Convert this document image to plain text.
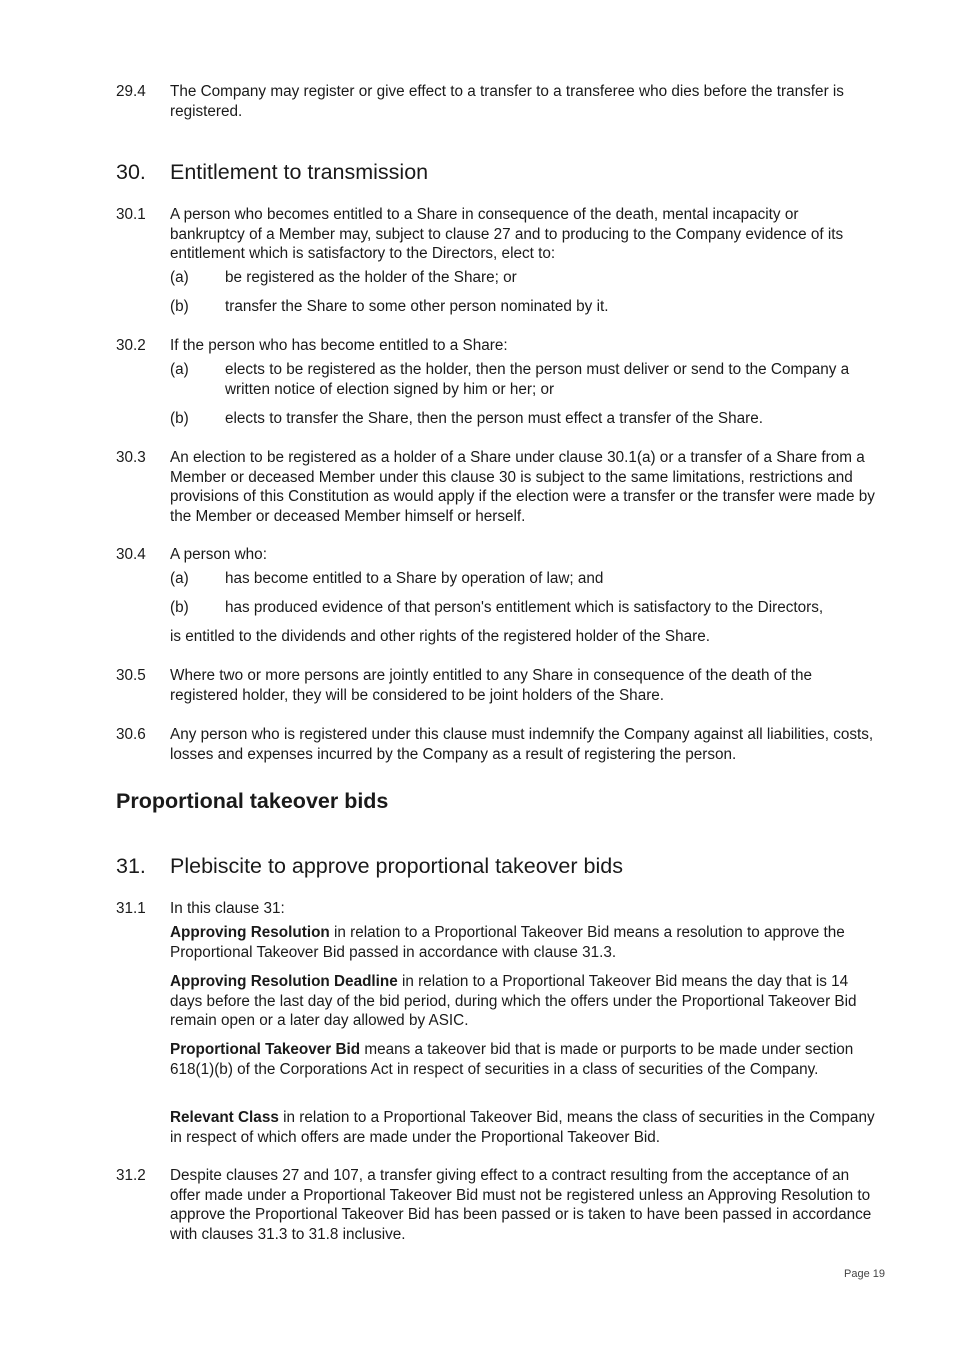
29.4 The Company may register or give effect to a transfer to a transferee who dies before the transfer is registered.
30. Entitlement to transmission
30.1 A person who becomes entitled to a Share in consequence of the death, mental incapacity or bankruptcy of a Member may, subject to clause 27 and to producing to the Company evidence of its entitlement which is satisfactory to the Directors, elect to:
(a) be registered as the holder of the Share; or
(b) transfer the Share to some other person nominated by it.
30.2 If the person who has become entitled to a Share:
(a) elects to be registered as the holder, then the person must deliver or send to the Company a written notice of election signed by him or her; or
(b) elects to transfer the Share, then the person must effect a transfer of the Share.
30.3 An election to be registered as a holder of a Share under clause 30.1(a) or a transfer of a Share from a Member or deceased Member under this clause 30 is subject to the same limitations, restrictions and provisions of this Constitution as would apply if the election were a transfer or the transfer were made by the Member or deceased Member himself or herself.
30.4 A person who:
(a) has become entitled to a Share by operation of law; and
(b) has produced evidence of that person's entitlement which is satisfactory to the Directors,
is entitled to the dividends and other rights of the registered holder of the Share.
30.5 Where two or more persons are jointly entitled to any Share in consequence of the death of the registered holder, they will be considered to be joint holders of the Share.
30.6 Any person who is registered under this clause must indemnify the Company against all liabilities, costs, losses and expenses incurred by the Company as a result of registering the person.
Proportional takeover bids
31. Plebiscite to approve proportional takeover bids
31.1 In this clause 31:
Approving Resolution in relation to a Proportional Takeover Bid means a resolution to approve the Proportional Takeover Bid passed in accordance with clause 31.3.
Approving Resolution Deadline in relation to a Proportional Takeover Bid means the day that is 14 days before the last day of the bid period, during which the offers under the Proportional Takeover Bid remain open or a later day allowed by ASIC.
Proportional Takeover Bid means a takeover bid that is made or purports to be made under section 618(1)(b) of the Corporations Act in respect of securities in a class of securities of the Company.
Relevant Class in relation to a Proportional Takeover Bid, means the class of securities in the Company in respect of which offers are made under the Proportional Takeover Bid.
31.2 Despite clauses 27 and 107, a transfer giving effect to a contract resulting from the acceptance of an offer made under a Proportional Takeover Bid must not be registered unless an Approving Resolution to approve the Proportional Takeover Bid has been passed or is taken to have been passed in accordance with clauses 31.3 to 31.8 inclusive.
Page 19
